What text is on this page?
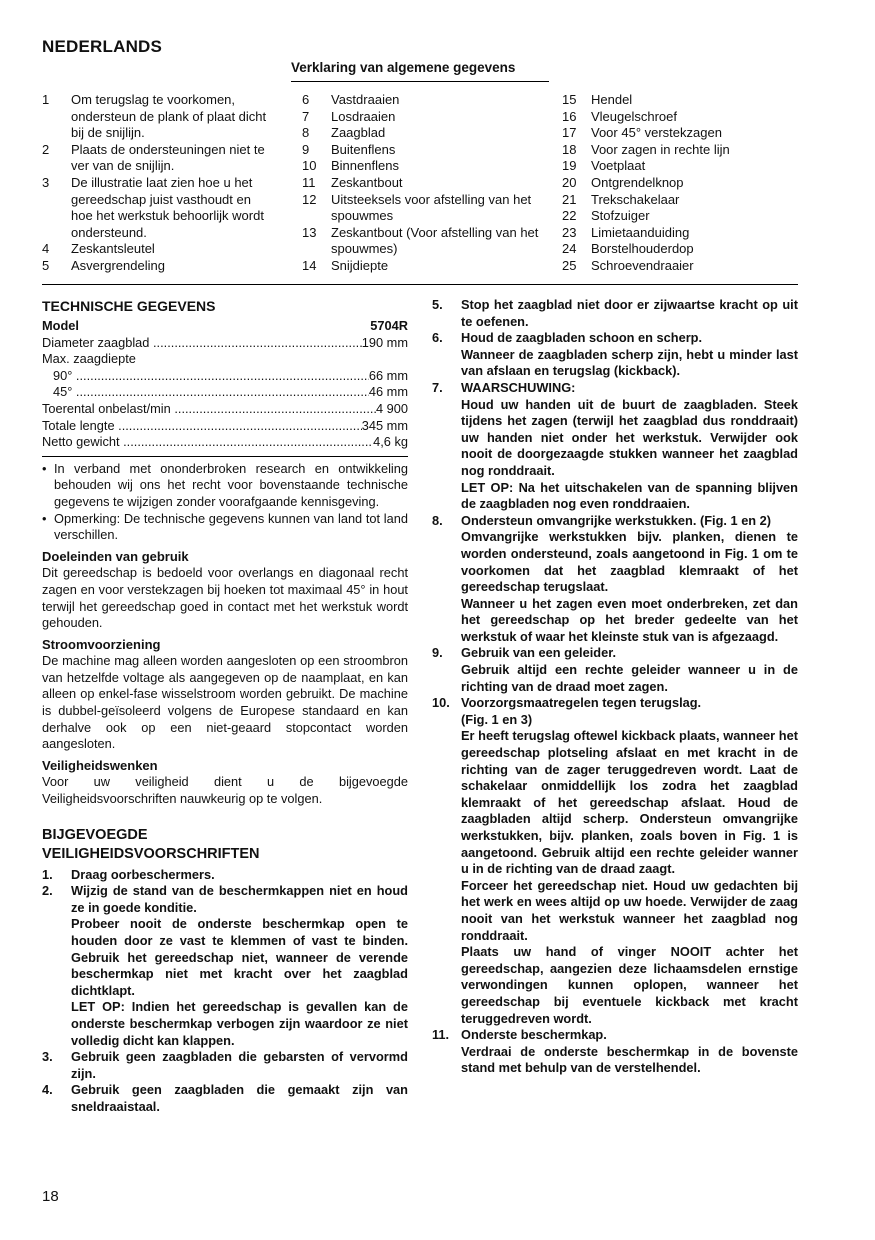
NEDERLANDS
Verklaring van algemene gegevens
1	Om terugslag te voorkomen, ondersteun de plank of plaat dicht bij de snijlijn.
2	Plaats de ondersteuningen niet te ver van de snijlijn.
3	De illustratie laat zien hoe u het gereedschap juist vasthoudt en hoe het werkstuk behoorlijk wordt ondersteund.
4	Zeskantsleutel
5	Asvergrendeling
6	Vastdraaien
7	Losdraaien
8	Zaagblad
9	Buitenflens
10	Binnenflens
11	Zeskantbout
12	Uitsteeksels voor afstelling van het spouwmes
13	Zeskantbout (Voor afstelling van het spouwmes)
14	Snijdiepte
15	Hendel
16	Vleugelschroef
17	Voor 45° verstekzagen
18	Voor zagen in rechte lijn
19	Voetplaat
20	Ontgrendelknop
21	Trekschakelaar
22	Stofzuiger
23	Limietaanduiding
24	Borstelhouderdop
25	Schroevendraaier
TECHNISCHE GEGEVENS
Model	5704R
Diameter zaagblad .....	190 mm
Max. zaagdiepte
90° .....	66 mm
45° .....	46 mm
Toerental onbelast/min .....	4 900
Totale lengte .....	345 mm
Netto gewicht .....	4,6 kg
• In verband met ononderbroken research en ontwikkeling behouden wij ons het recht voor bovenstaande technische gegevens te wijzigen zonder voorafgaande kennisgeving.
• Opmerking: De technische gegevens kunnen van land tot land verschillen.
Doeleinden van gebruik

Dit gereedschap is bedoeld voor overlangs en diagonaal recht zagen en voor verstekzagen bij hoeken tot maximaal 45° in hout terwijl het gereedschap goed in contact met het werkstuk wordt gehouden.

Stroomvoorziening

De machine mag alleen worden aangesloten op een stroombron van hetzelfde voltage als aangegeven op de naamplaat, en kan alleen op enkel-fase wisselstroom worden gebruikt. De machine is dubbel-geïsoleerd volgens de Europese standaard en kan derhalve ook op een niet-geaard stopcontact worden aangesloten.

Veiligheidswenken

Voor uw veiligheid dient u de bijgevoegde Veiligheidsvoorschriften nauwkeurig op te volgen.

BIJGEVOEGDE
VEILIGHEIDSVOORSCHRIFTEN
1.	Draag oorbeschermers.
2.	Wijzig de stand van de beschermkappen niet en houd ze in goede konditie.
Probeer nooit de onderste beschermkap open te houden door ze vast te klemmen of vast te binden. Gebruik het gereedschap niet, wanneer de verende beschermkap niet met kracht over het zaagblad dichtklapt.
LET OP: Indien het gereedschap is gevallen kan de onderste beschermkap verbogen zijn waardoor ze niet volledig dicht kan klappen.
3.	Gebruik geen zaagbladen die gebarsten of vervormd zijn.
4.	Gebruik geen zaagbladen die gemaakt zijn van sneldraaistaal.
5.	Stop het zaagblad niet door er zijwaartse kracht op uit te oefenen.
6.	Houd de zaagbladen schoon en scherp.
Wanneer de zaagbladen scherp zijn, hebt u minder last van afslaan en terugslag (kickback).
7.	WAARSCHUWING:
Houd uw handen uit de buurt de zaagbladen. Steek tijdens het zagen (terwijl het zaagblad dus ronddraait) uw handen niet onder het werkstuk. Verwijder ook nooit de doorgezaagde stukken wanneer het zaagblad nog ronddraait.
LET OP: Na het uitschakelen van de spanning blijven de zaagbladen nog even ronddraaien.
8.	Ondersteun omvangrijke werkstukken. (Fig. 1 en 2)
Omvangrijke werkstukken bijv. planken, dienen te worden ondersteund, zoals aangetoond in Fig. 1 om te voorkomen dat het zaagblad klemraakt of het gereedschap terugslaat.
Wanneer u het zagen even moet onderbreken, zet dan het gereedschap op het breder gedeelte van het werkstuk of waar het kleinste stuk van is afgezaagd.
9.	Gebruik van een geleider.
Gebruik altijd een rechte geleider wanneer u in de richting van de draad moet zagen.
10. Voorzorgsmaatregelen tegen terugslag.
(Fig. 1 en 3)
Er heeft terugslag oftewel kickback plaats, wanneer het gereedschap plotseling afslaat en met kracht in de richting van de zager teruggedreven wordt. Laat de schakelaar onmiddellijk los zodra het zaagblad klemraakt of het gereedschap afslaat. Houd de zaagbladen altijd scherp. Ondersteun omvangrijke werkstukken, bijv. planken, zoals boven in Fig. 1 is aangetoond. Gebruik altijd een rechte geleider wanner u in de richting van de draad zaagt.
Forceer het gereedschap niet. Houd uw gedachten bij het werk en wees altijd op uw hoede. Verwijder de zaag nooit van het werkstuk wanneer het zaagblad nog ronddraait.
Plaats uw hand of vinger NOOIT achter het gereedschap, aangezien deze lichaamsdelen ernstige verwondingen kunnen oplopen, wanneer het gereedschap bij eventuele kickback met kracht teruggedreven wordt.
11. Onderste beschermkap.
Verdraai de onderste beschermkap in de bovenste stand met behulp van de verstelhendel.
18
